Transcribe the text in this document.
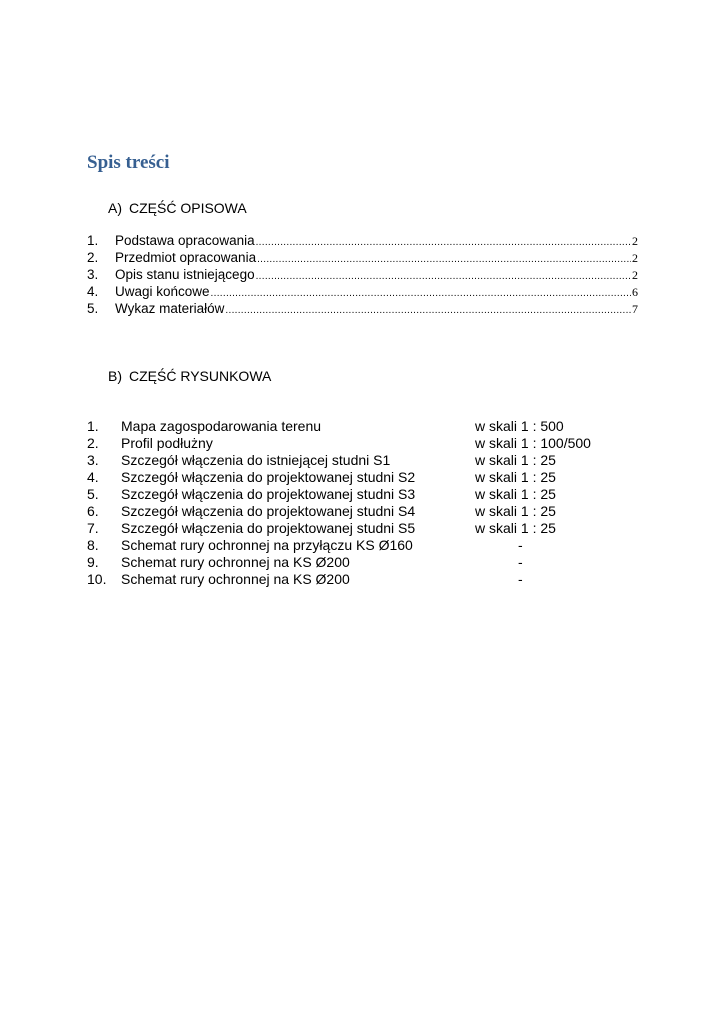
Spis treści
A) CZĘŚĆ OPISOWA
1.	Podstawa opracowania .....	2
2.	Przedmiot opracowania .....	2
3.	Opis stanu istniejącego .....	2
4.	Uwagi końcowe .....	6
5.	Wykaz materiałów .....	7
B) CZĘŚĆ RYSUNKOWA
1.	Mapa zagospodarowania terenu	w skali 1 : 500
2.	Profil podłużny	w skali 1 : 100/500
3.	Szczegół włączenia do istniejącej studni S1	w skali 1 : 25
4.	Szczegół włączenia do projektowanej studni S2	w skali 1 : 25
5.	Szczegół włączenia do projektowanej studni S3	w skali 1 : 25
6.	Szczegół włączenia do projektowanej studni S4	w skali 1 : 25
7.	Szczegół włączenia do projektowanej studni S5	w skali 1 : 25
8.	Schemat rury ochronnej na przyłączu KS Ø160	-
9.	Schemat rury ochronnej na KS Ø200	-
10.	Schemat rury ochronnej na KS Ø200	-
